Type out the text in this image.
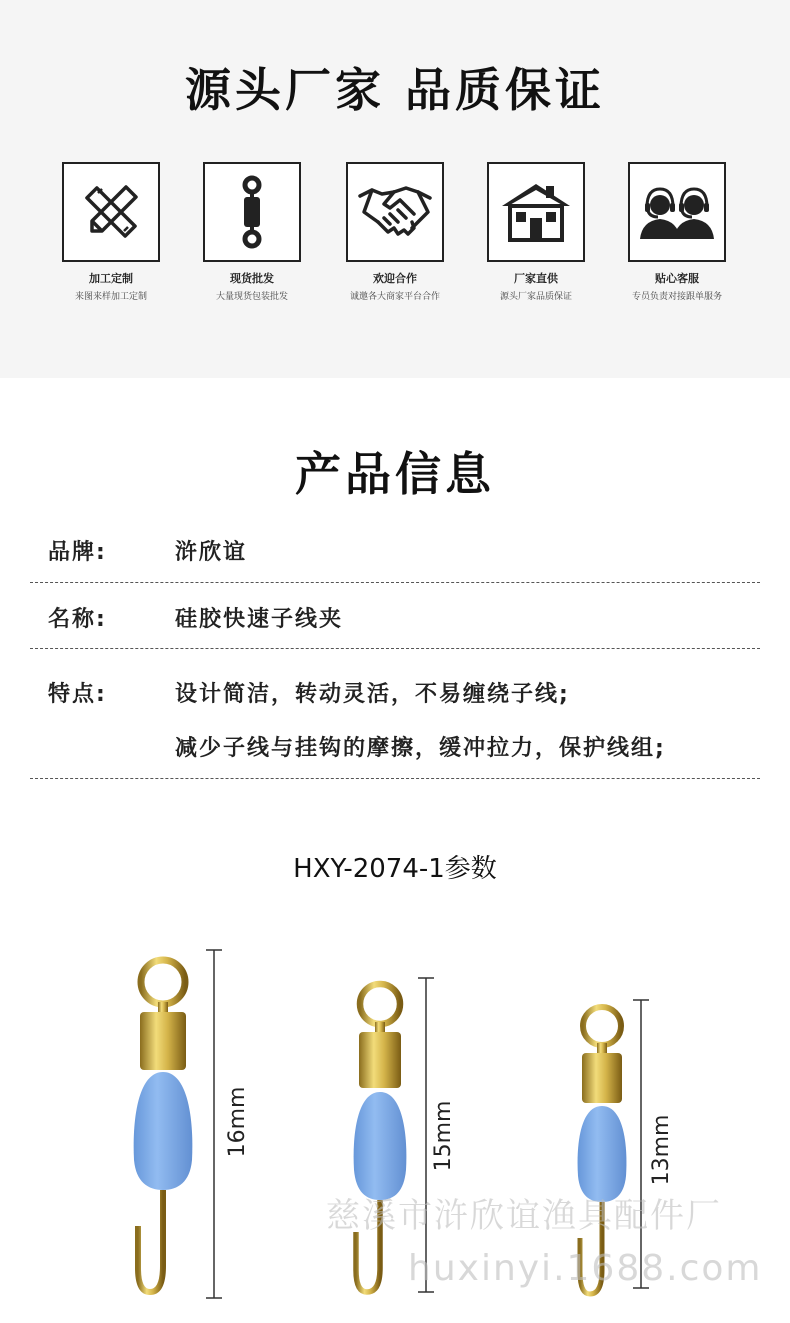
源头厂家 品质保证
加工定制
来图来样加工定制
现货批发
大量现货包装批发
欢迎合作
诚邀各大商家平台合作
厂家直供
源头厂家品质保证
贴心客服
专员负责对接跟单服务
产品信息
品牌:	浒欣谊
名称:	硅胶快速子线夹
特点:	设计简洁，转动灵活，不易缠绕子线;
减少子线与挂钩的摩擦，缓冲拉力，保护线组;
HXY-2074-1参数
16mm	15mm	13mm
慈溪市浒欣谊渔具配件厂
huxinyi.1688.com
